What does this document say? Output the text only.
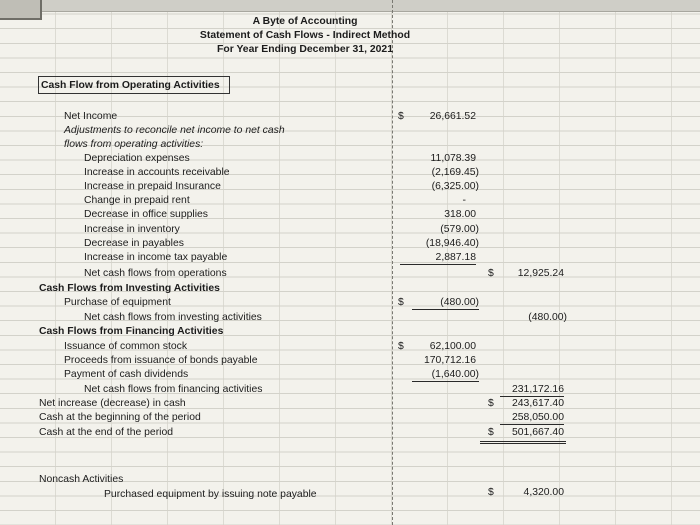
A Byte of Accounting
Statement of Cash Flows - Indirect Method
For Year Ending December 31, 2021
Cash Flow from Operating Activities
Net Income	$	26,661.52
Adjustments to reconcile net income to net cash
flows from operating activities:
Depreciation expenses	11,078.39
Increase in accounts receivable	(2,169.45)
Increase in prepaid Insurance	(6,325.00)
Change in prepaid rent	-
Decrease in office supplies	318.00
Increase in inventory	(579.00)
Decrease in payables	(18,946.40)
Increase in income tax payable	2,887.18
Net cash flows from operations	$	12,925.24
Cash Flows from Investing Activities
Purchase of equipment	$	(480.00)
Net cash flows from investing activities	(480.00)
Cash Flows from Financing Activities
Issuance of common stock	$	62,100.00
Proceeds from issuance of bonds payable	170,712.16
Payment of cash dividends	(1,640.00)
Net cash flows from financing activities	231,172.16
Net increase (decrease) in cash	$	243,617.40
Cash at the beginning of the period	258,050.00
Cash at the end of the period	$	501,667.40
Noncash Activities
Purchased equipment by issuing note payable	$	4,320.00
